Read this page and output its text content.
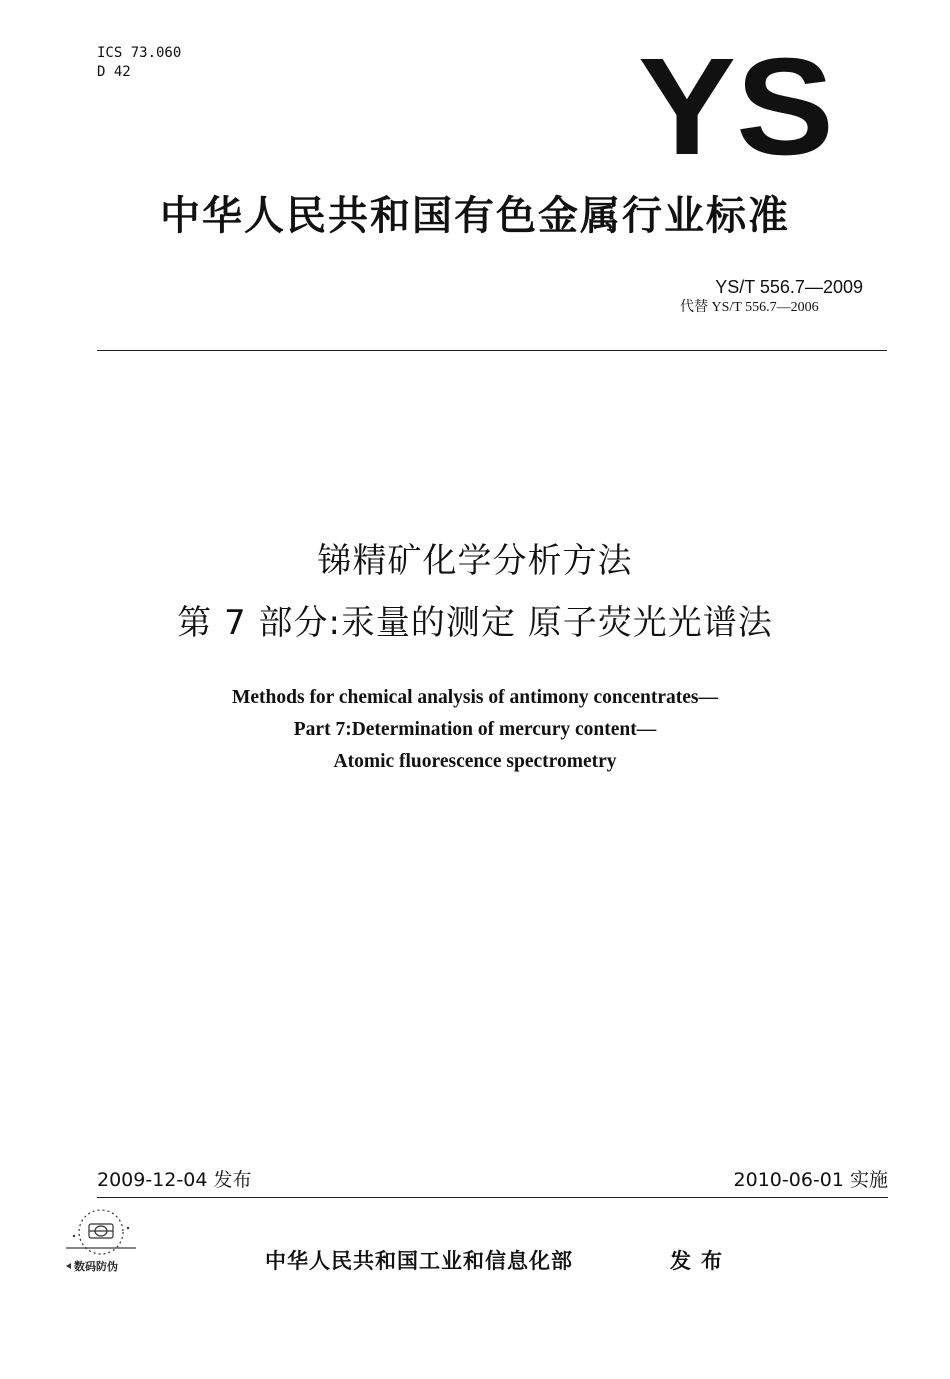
ICS 73.060
D 42	YS
中华人民共和国有色金属行业标准
YS/T 556.7—2009
代替 YS/T 556.7—2006
锑精矿化学分析方法
第 7 部分:汞量的测定 原子荧光光谱法
Methods for chemical analysis of antimony concentrates—
Part 7:Determination of mercury content—
Atomic fluorescence spectrometry
2009-12-04 发布	2010-06-01 实施
数码防伪	中华人民共和国工业和信息化部	发布
